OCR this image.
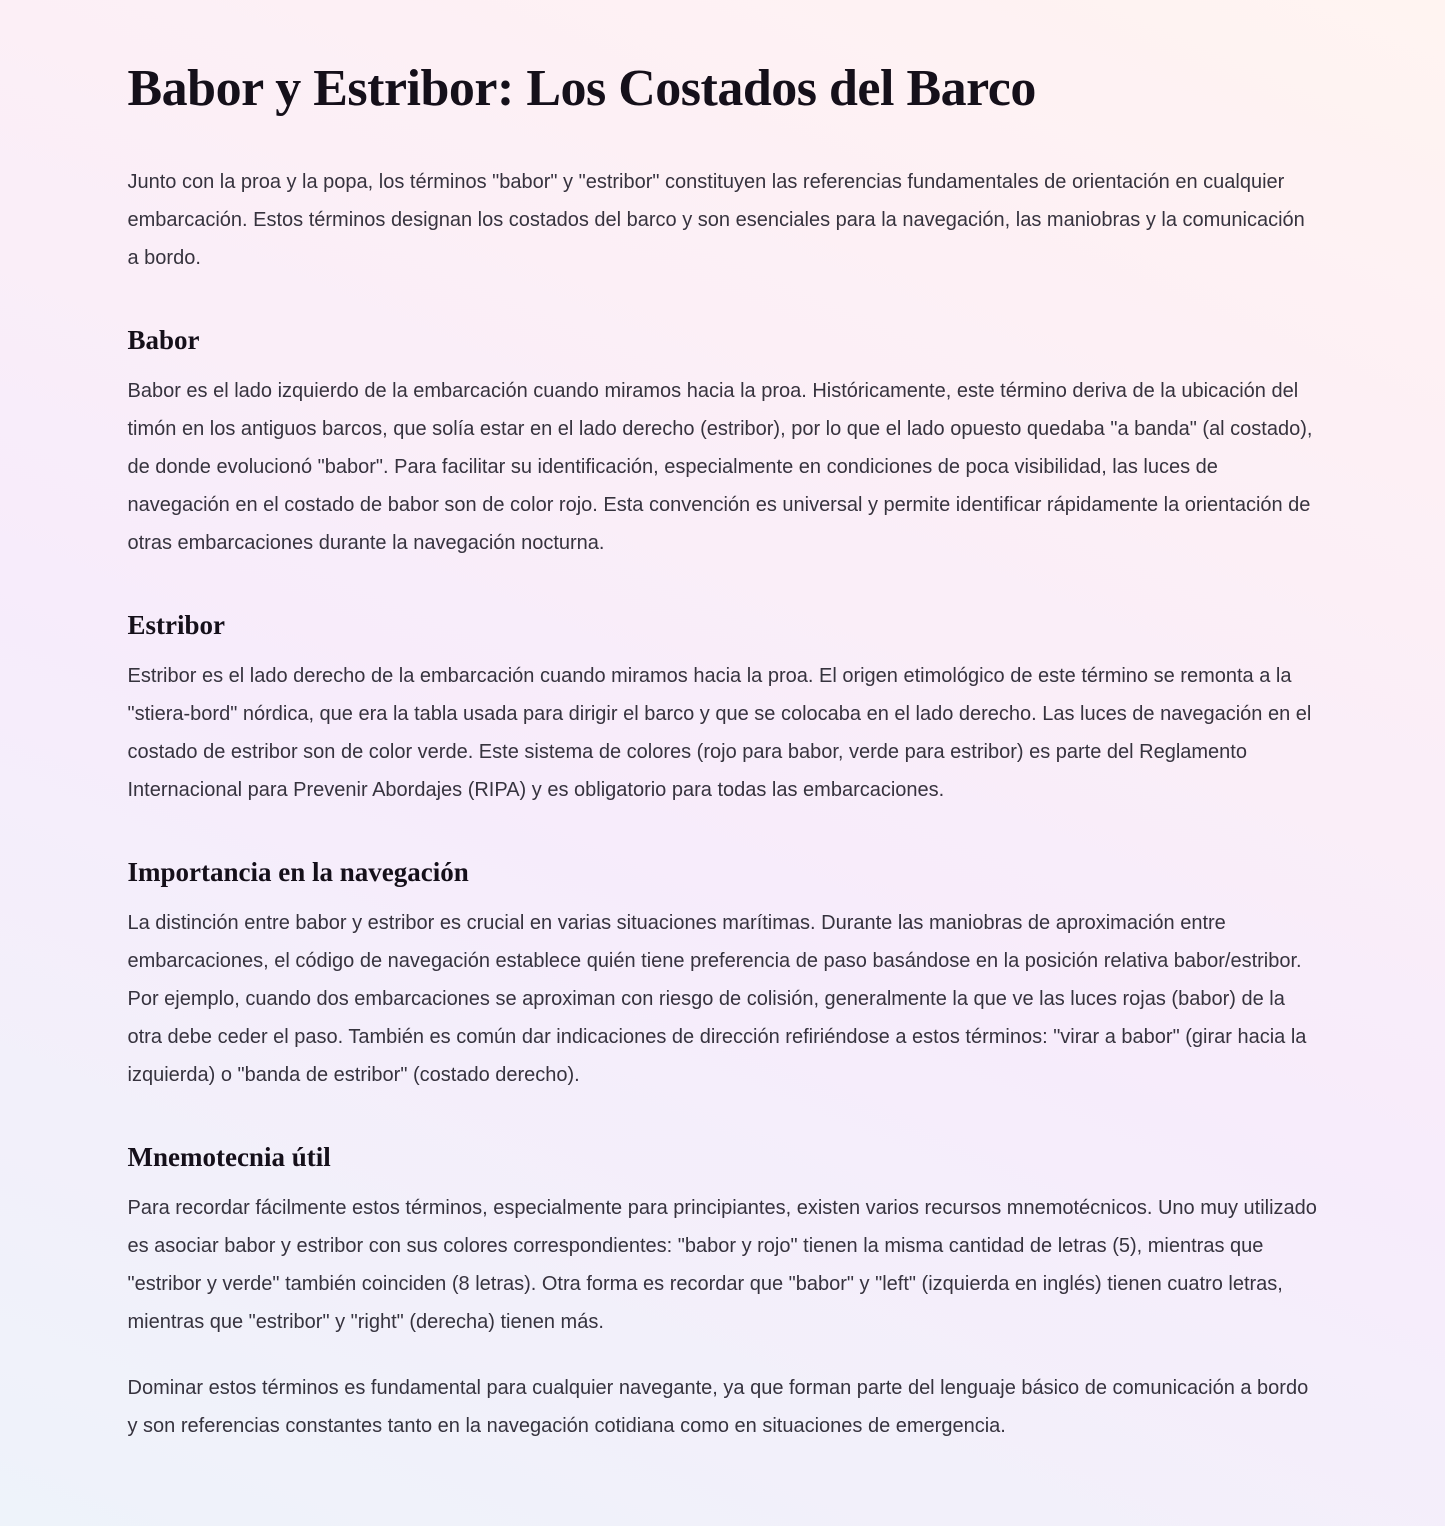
Babor y Estribor: Los Costados del Barco

Junto con la proa y la popa, los términos "babor" y "estribor" constituyen las referencias fundamentales de orientación en cualquier embarcación. Estos términos designan los costados del barco y son esenciales para la navegación, las maniobras y la comunicación a bordo.

Babor

Babor es el lado izquierdo de la embarcación cuando miramos hacia la proa. Históricamente, este término deriva de la ubicación del timón en los antiguos barcos, que solía estar en el lado derecho (estribor), por lo que el lado opuesto quedaba "a banda" (al costado), de donde evolucionó "babor". Para facilitar su identificación, especialmente en condiciones de poca visibilidad, las luces de navegación en el costado de babor son de color rojo. Esta convención es universal y permite identificar rápidamente la orientación de otras embarcaciones durante la navegación nocturna.

Estribor

Estribor es el lado derecho de la embarcación cuando miramos hacia la proa. El origen etimológico de este término se remonta a la "stiera-bord" nórdica, que era la tabla usada para dirigir el barco y que se colocaba en el lado derecho. Las luces de navegación en el costado de estribor son de color verde. Este sistema de colores (rojo para babor, verde para estribor) es parte del Reglamento Internacional para Prevenir Abordajes (RIPA) y es obligatorio para todas las embarcaciones.

Importancia en la navegación

La distinción entre babor y estribor es crucial en varias situaciones marítimas. Durante las maniobras de aproximación entre embarcaciones, el código de navegación establece quién tiene preferencia de paso basándose en la posición relativa babor/estribor. Por ejemplo, cuando dos embarcaciones se aproximan con riesgo de colisión, generalmente la que ve las luces rojas (babor) de la otra debe ceder el paso. También es común dar indicaciones de dirección refiriéndose a estos términos: "virar a babor" (girar hacia la izquierda) o "banda de estribor" (costado derecho).

Mnemotecnia útil

Para recordar fácilmente estos términos, especialmente para principiantes, existen varios recursos mnemotécnicos. Uno muy utilizado es asociar babor y estribor con sus colores correspondientes: "babor y rojo" tienen la misma cantidad de letras (5), mientras que "estribor y verde" también coinciden (8 letras). Otra forma es recordar que "babor" y "left" (izquierda en inglés) tienen cuatro letras, mientras que "estribor" y "right" (derecha) tienen más.

Dominar estos términos es fundamental para cualquier navegante, ya que forman parte del lenguaje básico de comunicación a bordo y son referencias constantes tanto en la navegación cotidiana como en situaciones de emergencia.
